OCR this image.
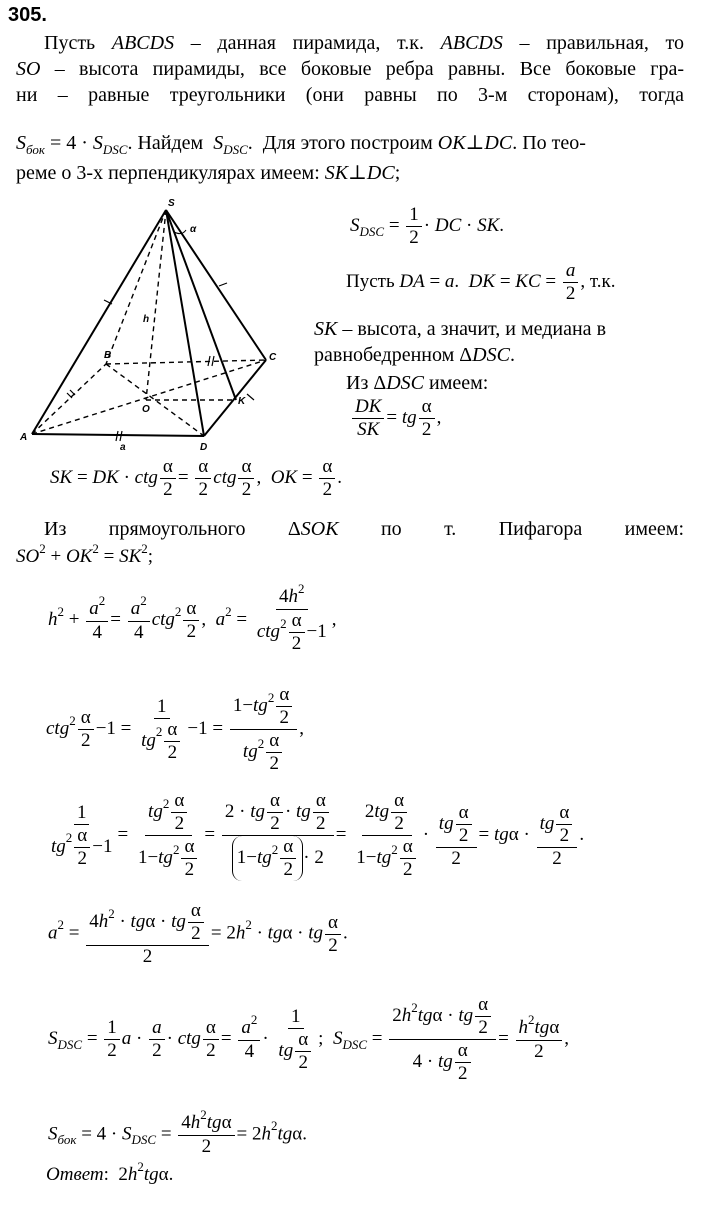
305.
Пусть ABCDS – данная пирамида, т.к. ABCDS – правильная, то
SO – высота пирамиды, все боковые ребра равны. Все боковые гра-
ни – равные треугольники (они равны по 3-м сторонам), тогда
$S_{бок} = 4 \cdot S_{DSC}$. Найдем  $S_{DSC}$.  Для этого построим OK⊥DC. По тео-
реме о 3-х перпендикулярах имеем: SK⊥DC;
S
α
h
B	C
O
K
A
D
a
$S_{DSC} = \frac{1}{2}$ · DC · SK.
Пусть DA = a.  DK = KC = $\frac{a}{2}$ , т.к.
SK – высота, а значит, и медиана в
равнобедренном ΔDSC.
Из ΔDSC имеем:
$\frac{DK}{SK}$ = tg $\frac{\alpha}{2}$ ,
SK = DK · ctg $\frac{\alpha}{2} = \frac{\alpha}{2}$ ctg $\frac{\alpha}{2}$ ,  OK = $\frac{\alpha}{2}$ .
Из прямоугольного ΔSOK по т. Пифагора имеем:
$SO^2 + OK^2 = SK^2$;
$h^2 + \frac{a^2}{4} = \frac{a^2}{4} ctg^2 \frac{\alpha}{2}$ ,  $a^2 = \frac{4h^2}{ctg^2 \frac{\alpha}{2} -1}$ ,
$ctg^2 \frac{\alpha}{2} -1 = \frac{1}{tg^2 \frac{\alpha}{2}} -1 = \frac{1-tg^2 \frac{\alpha}{2}}{tg^2 \frac{\alpha}{2}}$ ,
$\frac{1}{tg^2 \frac{\alpha}{2} -1} = \frac{tg^2 \frac{\alpha}{2}}{1-tg^2 \frac{\alpha}{2}} = \frac{2 \cdot tg \frac{\alpha}{2} \cdot tg \frac{\alpha}{2}}{1-tg^2 \frac{\alpha}{2} \cdot 2} = \frac{2tg \frac{\alpha}{2}}{1-tg^2 \frac{\alpha}{2}} \cdot \frac{tg \frac{\alpha}{2}}{2} = tg\alpha \cdot \frac{tg \frac{\alpha}{2}}{2}$ .
$a^2 = \frac{4h^2 \cdot tg\alpha \cdot tg \frac{\alpha}{2}}{2} = 2h^2 \cdot tg\alpha$ · tg $\frac{\alpha}{2}$ .
$S_{DSC} = \frac{1}{2}$ $a \cdot \frac{a}{2}$ · ctg $\frac{\alpha}{2} = \frac{a^2}{4} \cdot \frac{1}{tg \frac{\alpha}{2}}$ ;  $S_{DSC} = \frac{2h^2tg\alpha \cdot tg \frac{\alpha}{2}}{4 \cdot tg \frac{\alpha}{2}} = \frac{h^2tg\alpha}{2}$ ,
$S_{бок} = 4 \cdot S_{DSC} = \frac{4h^2tg\alpha}{2} = 2h^2tg\alpha$.
Ответ:  $2h^2tg\alpha$.
